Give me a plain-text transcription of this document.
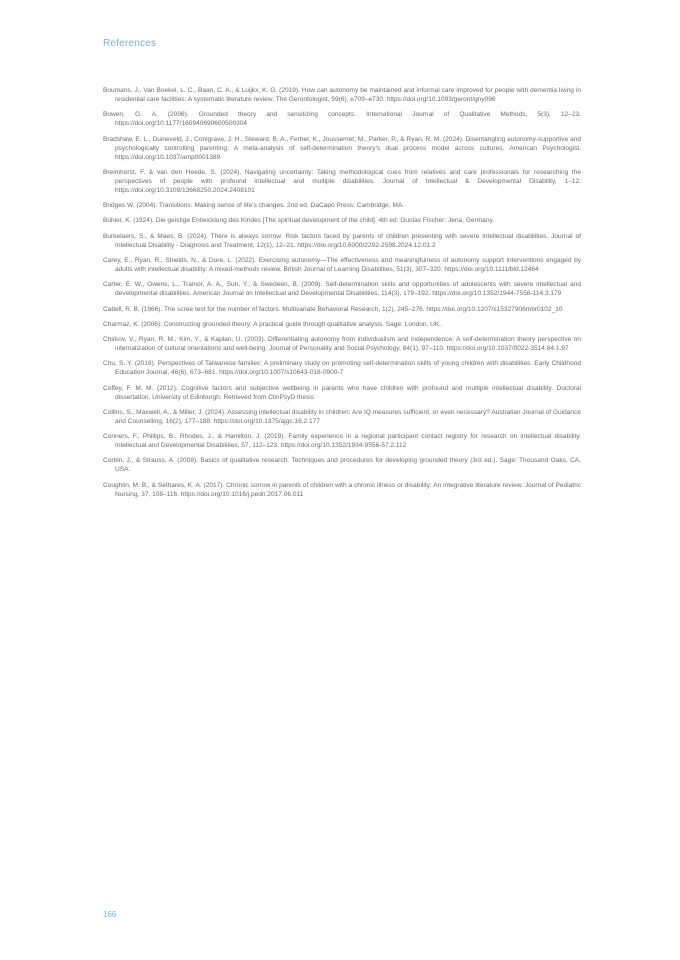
References

Boumans, J., Van Boekel, L. C., Baan, C. A., & Luijkx, K. G. (2019). How can autonomy be maintained and informal care improved for people with dementia living in residential care facilities: A systematic literature review. The Gerontologist, 59(6), e709–e730. https://doi.org/10.1093/geront/gny096

Bowen, G. A. (2006). Grounded theory and sensitizing concepts. International Journal of Qualitative Methods, 5(3), 12–23. https://doi.org/10.1177/160940690600500304

Bradshaw, E. L., Duineveld, J., Conigrave, J. H., Steward, B. A., Ferber, K., Joussemet, M., Parker, P., & Ryan, R. M. (2024). Disentangling autonomy-supportive and psychologically controlling parenting: A meta-analysis of self-determination theory's dual process model across cultures. American Psychologist. https://doi.org/10.1037/amp0001389

Breimhorst, F. & van den Heede, S. (2024). Navigating uncertainty: Taking methodological cues from relatives and care professionals for researching the perspectives of people with profound intellectual and multiple disabilities. Journal of Intellectual & Developmental Disability, 1–12. https://doi.org/10.3109/13668250.2024.2408101

Bridges W. (2004). Transitions: Making sense of life's changes. 2nd ed. DaCapo Press; Cambridge, MA.

Bühler, K. (1924). Die geistige Entwicklung des Kindes [The spiritual development of the child]. 4th ed. Gustav Fischer: Jena, Germany.

Burkelaers, S., & Maes, B. (2024). There is always sorrow: Risk factors faced by parents of children presenting with severe intellectual disabilities. Journal of Intellectual Disability - Diagnosis and Treatment, 12(1), 12–21. https://doi.org/10.6000/2292-2598.2024.12.01.2

Carey, E., Ryan, R., Shields, N., & Dore, L. (2022). Exercising autonomy—The effectiveness and meaningfulness of autonomy support interventions engaged by adults with intellectual disability: A mixed-methods review. British Journal of Learning Disabilities, 51(3), 307–320. https://doi.org/10.1111/bld.12464

Carter, E. W., Owens, L., Trainor, A. A., Sun, Y., & Swedeen, B. (2009). Self-determination skills and opportunities of adolescents with severe intellectual and developmental disabilities. American Journal on Intellectual and Developmental Disabilities, 114(3), 179–192. https://doi.org/10.1352/1944-7558-114.3.179

Cattell, R. B. (1966). The scree test for the number of factors. Multivariate Behavioral Research, 1(2), 245–276. https://doi.org/10.1207/s15327906mbr0102_10

Charmaz, K. (2006). Constructing grounded theory: A practical guide through qualitative analysis. Sage: London, UK.

Chirkov, V., Ryan, R. M., Kim, Y., & Kaplan, U. (2003). Differentiating autonomy from individualism and independence: A self-determination theory perspective on internalization of cultural orientations and well-being. Journal of Personality and Social Psychology, 84(1), 97–110. https://doi.org/10.1037/0022-3514.84.1.97

Chu, S. Y. (2018). Perspectives of Taiwanese families: A preliminary study on promoting self-determination skills of young children with disabilities. Early Childhood Education Journal, 46(6), 673–681. https://doi.org/10.1007/s10643-018-0900-7

Coffey, F. M. M. (2012). Cognitive factors and subjective wellbeing in parents who have children with profound and multiple intellectual disability. Doctoral dissertation, University of Edinburgh. Retrieved from ClinPsyD thesis

Collins, S., Maxwell, A., & Miller, J. (2024). Assessing intellectual disability in children: Are IQ measures sufficient, or even necessary? Australian Journal of Guidance and Counselling, 16(2), 177–188. https://doi.org/10.1375/ajgc.16.2.177

Conners, F., Phillips, B., Rhodes, J., & Hamilton, J. (2019). Family experience in a regional participant contact registry for research on intellectual disability. Intellectual and Developmental Disabilities, 57, 112–123. https://doi.org/10.1352/1934-9556-57.2.112

Corbin, J., & Strauss, A. (2008). Basics of qualitative research: Techniques and procedures for developing grounded theory (3rd ed.). Sage: Thousand Oaks, CA, USA.

Coughlin, M. B., & Sethares, K. A. (2017). Chronic sorrow in parents of children with a chronic illness or disability: An integrative literature review. Journal of Pediatric Nursing, 37, 108–116. https://doi.org/10.1016/j.pedn.2017.06.011

166
